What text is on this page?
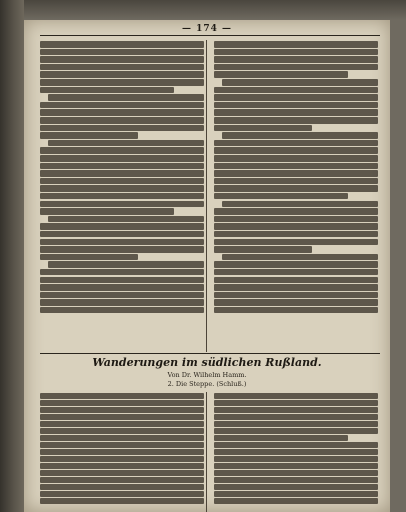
— 174 —
Wanderungen im südlichen Rußland.
Von Dr. Wilhelm Hamm.
2. Die Steppe. (Schluß.)
